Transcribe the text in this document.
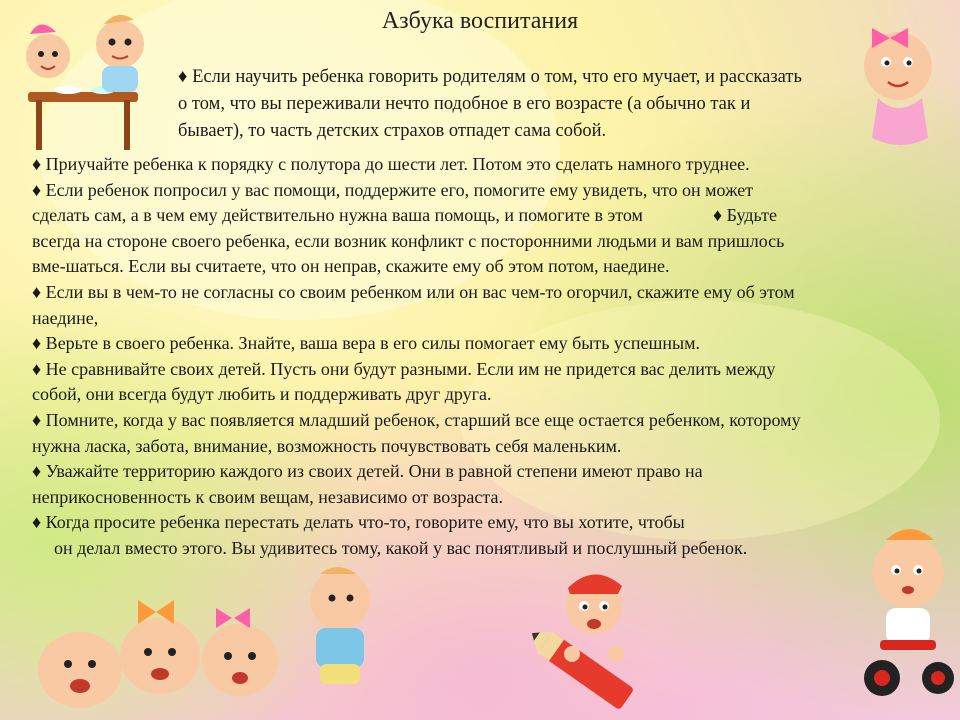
Азбука воспитания
♦ Если научить ребенка говорить родителям о том, что его мучает, и рассказать
о том, что вы переживали нечто подобное в его возрасте (а обычно так и
бывает), то часть детских страхов отпадет сама собой.
♦ Приучайте ребенка к порядку с полутора до шести лет. Потом это сделать намного труднее.
♦ Если ребенок попросил у вас помощи, поддержите его, помогите ему увидеть, что он может
сделать сам, а в чем ему действительно нужна ваша помощь, и помогите в этом	♦ Будьте
всегда на стороне своего ребенка, если возник конфликт с посторонними людьми и вам пришлось
вме-шаться. Если вы считаете, что он неправ, скажите ему об этом потом, наедине.
♦ Если вы в чем-то не согласны со своим ребенком или он вас чем-то огорчил, скажите ему об этом
наедине,
♦ Верьте в своего ребенка. Знайте, ваша вера в его силы помогает ему быть успешным.
♦ Не сравнивайте своих детей. Пусть они будут разными. Если им не придется вас делить между
собой, они всегда будут любить и поддерживать друг друга.
♦ Помните, когда у вас появляется младший ребенок, старший все еще остается ребенком, которому
нужна ласка, забота, внимание, возможность почувствовать себя маленьким.
♦ Уважайте территорию каждого из своих детей. Они в равной степени имеют право на
неприкосновенность к своим вещам, независимо от возраста.
♦ Когда просите ребенка перестать делать что-то, говорите ему, что вы хотите, чтобы
он делал вместо этого. Вы удивитесь тому, какой у вас понятливый и послушный ребенок.
